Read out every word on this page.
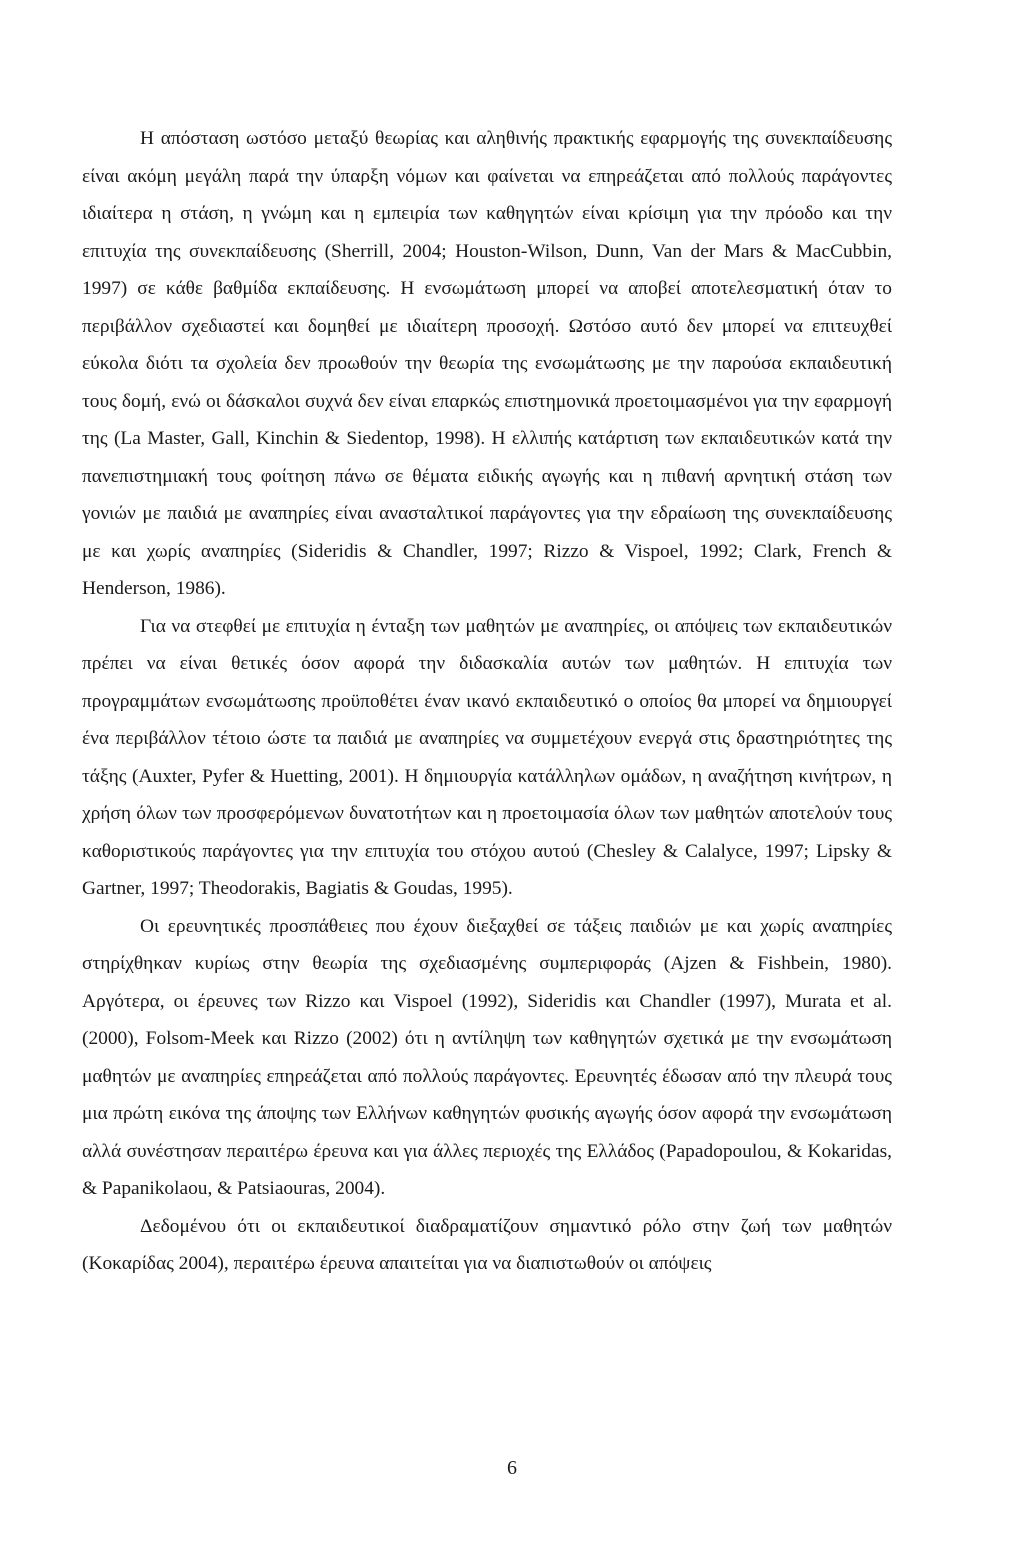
Η απόσταση ωστόσο μεταξύ θεωρίας και αληθινής πρακτικής εφαρμογής της συνεκπαίδευσης είναι ακόμη μεγάλη παρά την ύπαρξη νόμων και φαίνεται να επηρεάζεται από πολλούς παράγοντες ιδιαίτερα η στάση, η γνώμη και η εμπειρία των καθηγητών είναι κρίσιμη για την πρόοδο και την επιτυχία της συνεκπαίδευσης (Sherrill, 2004; Houston-Wilson, Dunn, Van der Mars & MacCubbin, 1997) σε κάθε βαθμίδα εκπαίδευσης. Η ενσωμάτωση μπορεί να αποβεί αποτελεσματική όταν το περιβάλλον σχεδιαστεί και δομηθεί με ιδιαίτερη προσοχή. Ωστόσο αυτό δεν μπορεί να επιτευχθεί εύκολα διότι τα σχολεία δεν προωθούν την θεωρία της ενσωμάτωσης με την παρούσα εκπαιδευτική τους δομή, ενώ οι δάσκαλοι συχνά δεν είναι επαρκώς επιστημονικά προετοιμασμένοι για την εφαρμογή της (La Master, Gall, Kinchin & Siedentop, 1998). Η ελλιπής κατάρτιση των εκπαιδευτικών κατά την πανεπιστημιακή τους φοίτηση πάνω σε θέματα ειδικής αγωγής και η πιθανή αρνητική στάση των γονιών με παιδιά με αναπηρίες είναι ανασταλτικοί παράγοντες για την εδραίωση της συνεκπαίδευσης με και χωρίς αναπηρίες (Sideridis & Chandler, 1997; Rizzo & Vispoel, 1992; Clark, French & Henderson, 1986).

Για να στεφθεί με επιτυχία η ένταξη των μαθητών με αναπηρίες, οι απόψεις των εκπαιδευτικών πρέπει να είναι θετικές όσον αφορά την διδασκαλία αυτών των μαθητών. Η επιτυχία των προγραμμάτων ενσωμάτωσης προϋποθέτει έναν ικανό εκπαιδευτικό ο οποίος θα μπορεί να δημιουργεί ένα περιβάλλον τέτοιο ώστε τα παιδιά με αναπηρίες να συμμετέχουν ενεργά στις δραστηριότητες της τάξης (Auxter, Pyfer & Huetting, 2001). Η δημιουργία κατάλληλων ομάδων, η αναζήτηση κινήτρων, η χρήση όλων των προσφερόμενων δυνατοτήτων και η προετοιμασία όλων των μαθητών αποτελούν τους καθοριστικούς παράγοντες για την επιτυχία του στόχου αυτού (Chesley & Calalyce, 1997; Lipsky & Gartner, 1997; Theodorakis, Bagiatis & Goudas, 1995).

Οι ερευνητικές προσπάθειες που έχουν διεξαχθεί σε τάξεις παιδιών με και χωρίς αναπηρίες στηρίχθηκαν κυρίως στην θεωρία της σχεδιασμένης συμπεριφοράς (Ajzen & Fishbein, 1980). Αργότερα, οι έρευνες των Rizzo και Vispoel (1992), Sideridis και Chandler (1997), Murata et al. (2000), Folsom-Meek και Rizzo (2002) ότι η αντίληψη των καθηγητών σχετικά με την ενσωμάτωση μαθητών με αναπηρίες επηρεάζεται από πολλούς παράγοντες. Ερευνητές έδωσαν από την πλευρά τους μια πρώτη εικόνα της άποψης των Ελλήνων καθηγητών φυσικής αγωγής όσον αφορά την ενσωμάτωση αλλά συνέστησαν περαιτέρω έρευνα και για άλλες περιοχές της Ελλάδος (Papadopoulou, & Kokaridas, & Papanikolaou, & Patsiaouras, 2004).

Δεδομένου ότι οι εκπαιδευτικοί διαδραματίζουν σημαντικό ρόλο στην ζωή των μαθητών (Κοκαρίδας 2004), περαιτέρω έρευνα απαιτείται για να διαπιστωθούν οι απόψεις

6
